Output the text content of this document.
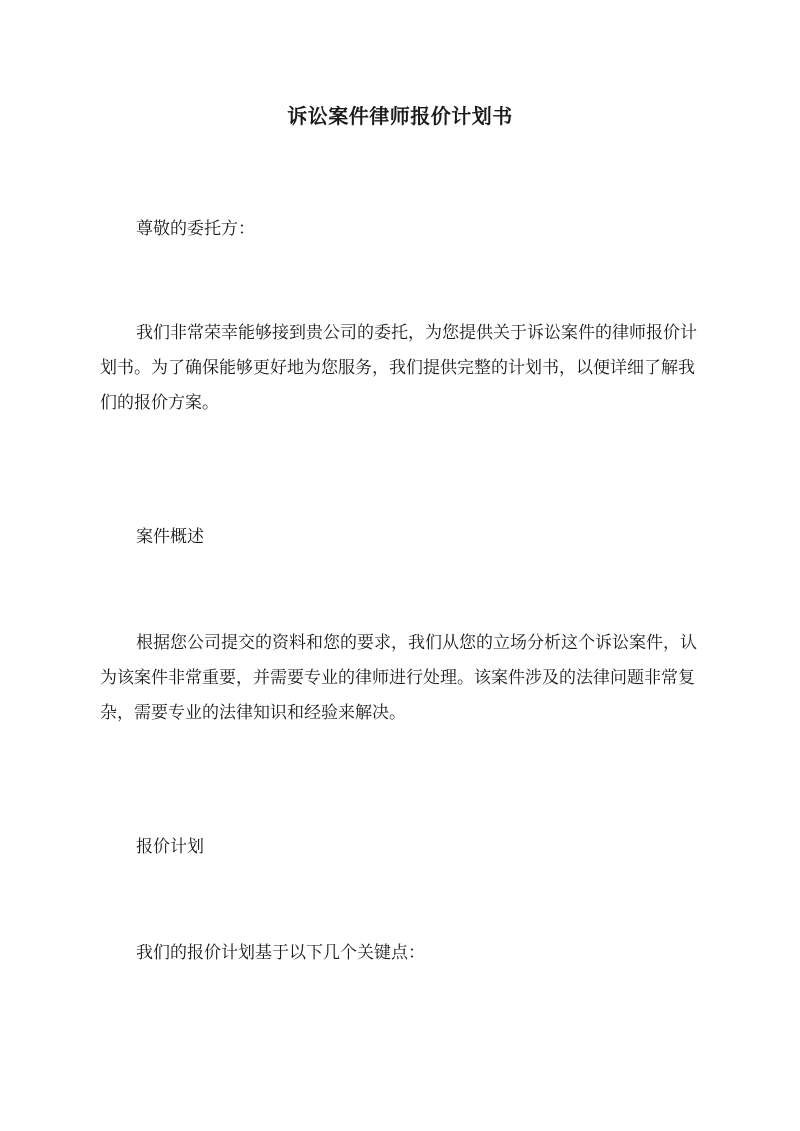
诉讼案件律师报价计划书

尊敬的委托方：

我们非常荣幸能够接到贵公司的委托，为您提供关于诉讼案件的律师报价计划书。为了确保能够更好地为您服务，我们提供完整的计划书，以便详细了解我们的报价方案。

案件概述

根据您公司提交的资料和您的要求，我们从您的立场分析这个诉讼案件，认为该案件非常重要，并需要专业的律师进行处理。该案件涉及的法律问题非常复杂，需要专业的法律知识和经验来解决。

报价计划

我们的报价计划基于以下几个关键点：
